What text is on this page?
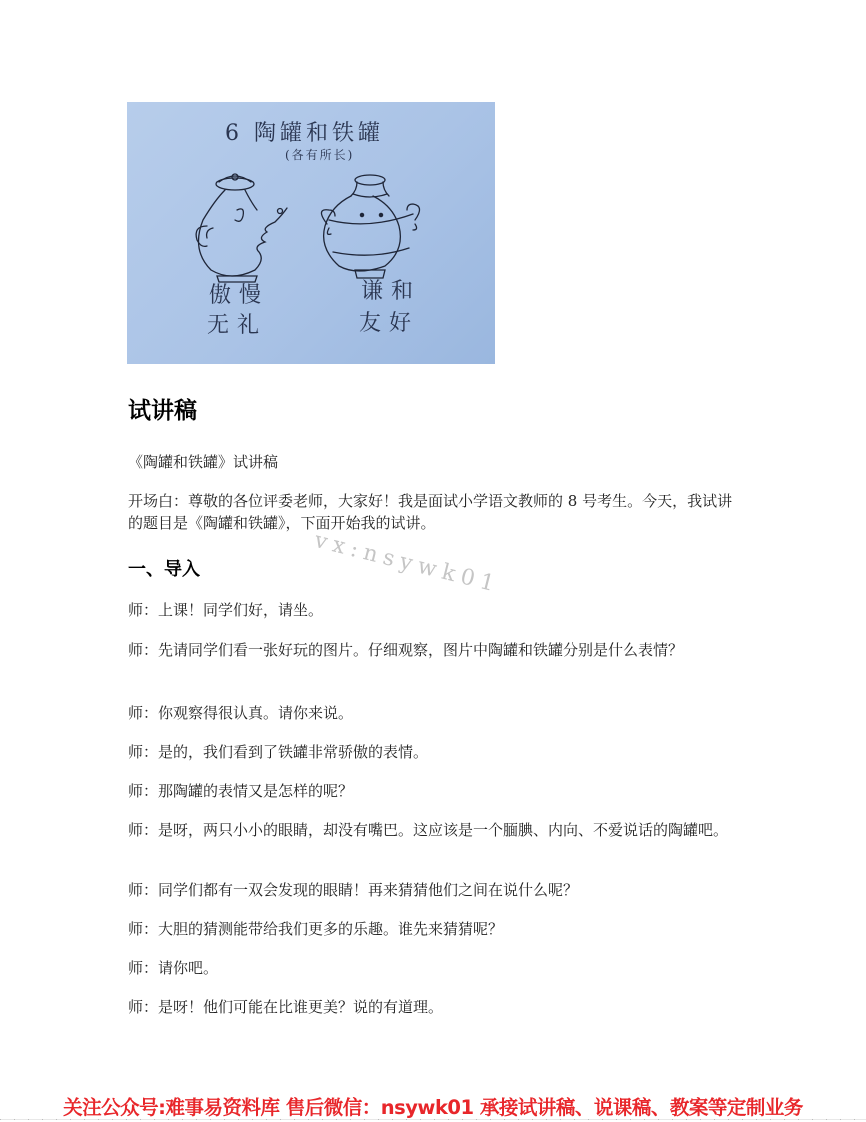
6 陶罐和铁罐
(各有所长)
傲慢
无礼
谦和
友好
试讲稿
《陶罐和铁罐》试讲稿
开场白：尊敬的各位评委老师，大家好！我是面试小学语文教师的 8 号考生。今天，我试讲的题目是《陶罐和铁罐》，下面开始我的试讲。
一、导入
师：上课！同学们好，请坐。
师：先请同学们看一张好玩的图片。仔细观察，图片中陶罐和铁罐分别是什么表情？
师：你观察得很认真。请你来说。
师：是的，我们看到了铁罐非常骄傲的表情。
师：那陶罐的表情又是怎样的呢？
师：是呀，两只小小的眼睛，却没有嘴巴。这应该是一个腼腆、内向、不爱说话的陶罐吧。
师：同学们都有一双会发现的眼睛！再来猜猜他们之间在说什么呢？
师：大胆的猜测能带给我们更多的乐趣。谁先来猜猜呢？
师：请你吧。
师：是呀！他们可能在比谁更美？说的有道理。
vx:nsywk01
关注公众号:难事易资料库 售后微信：nsywk01 承接试讲稿、说课稿、教案等定制业务
